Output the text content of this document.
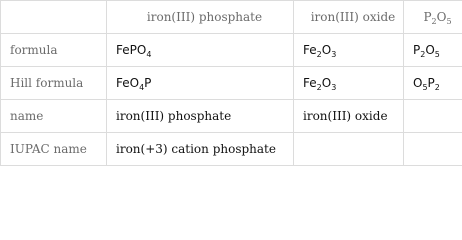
	iron(III) phosphate	iron(III) oxide	$P_2O_5$
formula	FePO$_4$	$Fe_2O_3$	$P_2O_5$
Hill formula	FeO$_4$P	$Fe_2O_3$	$O_5P_2$
name	iron(III) phosphate	iron(III) oxide	
IUPAC name	iron(+3) cation phosphate		
